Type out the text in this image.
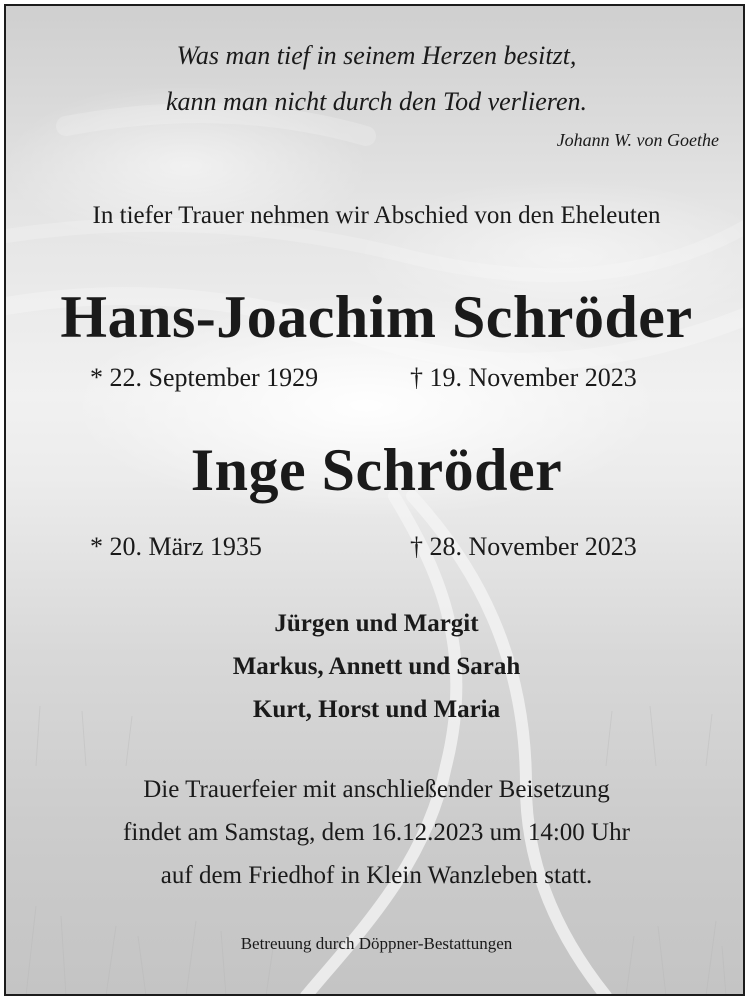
Was man tief in seinem Herzen besitzt,

kann man nicht durch den Tod verlieren.

Johann W. von Goethe

In tiefer Trauer nehmen wir Abschied von den Eheleuten

Hans-Joachim Schröder

* 22. September 1929	† 19. November 2023

Inge Schröder

* 20. März 1935	† 28. November 2023

Jürgen und Margit

Markus, Annett und Sarah

Kurt, Horst und Maria

Die Trauerfeier mit anschließender Beisetzung

findet am Samstag, dem 16.12.2023 um 14:00 Uhr

auf dem Friedhof in Klein Wanzleben statt.

Betreuung durch Döppner-Bestattungen
